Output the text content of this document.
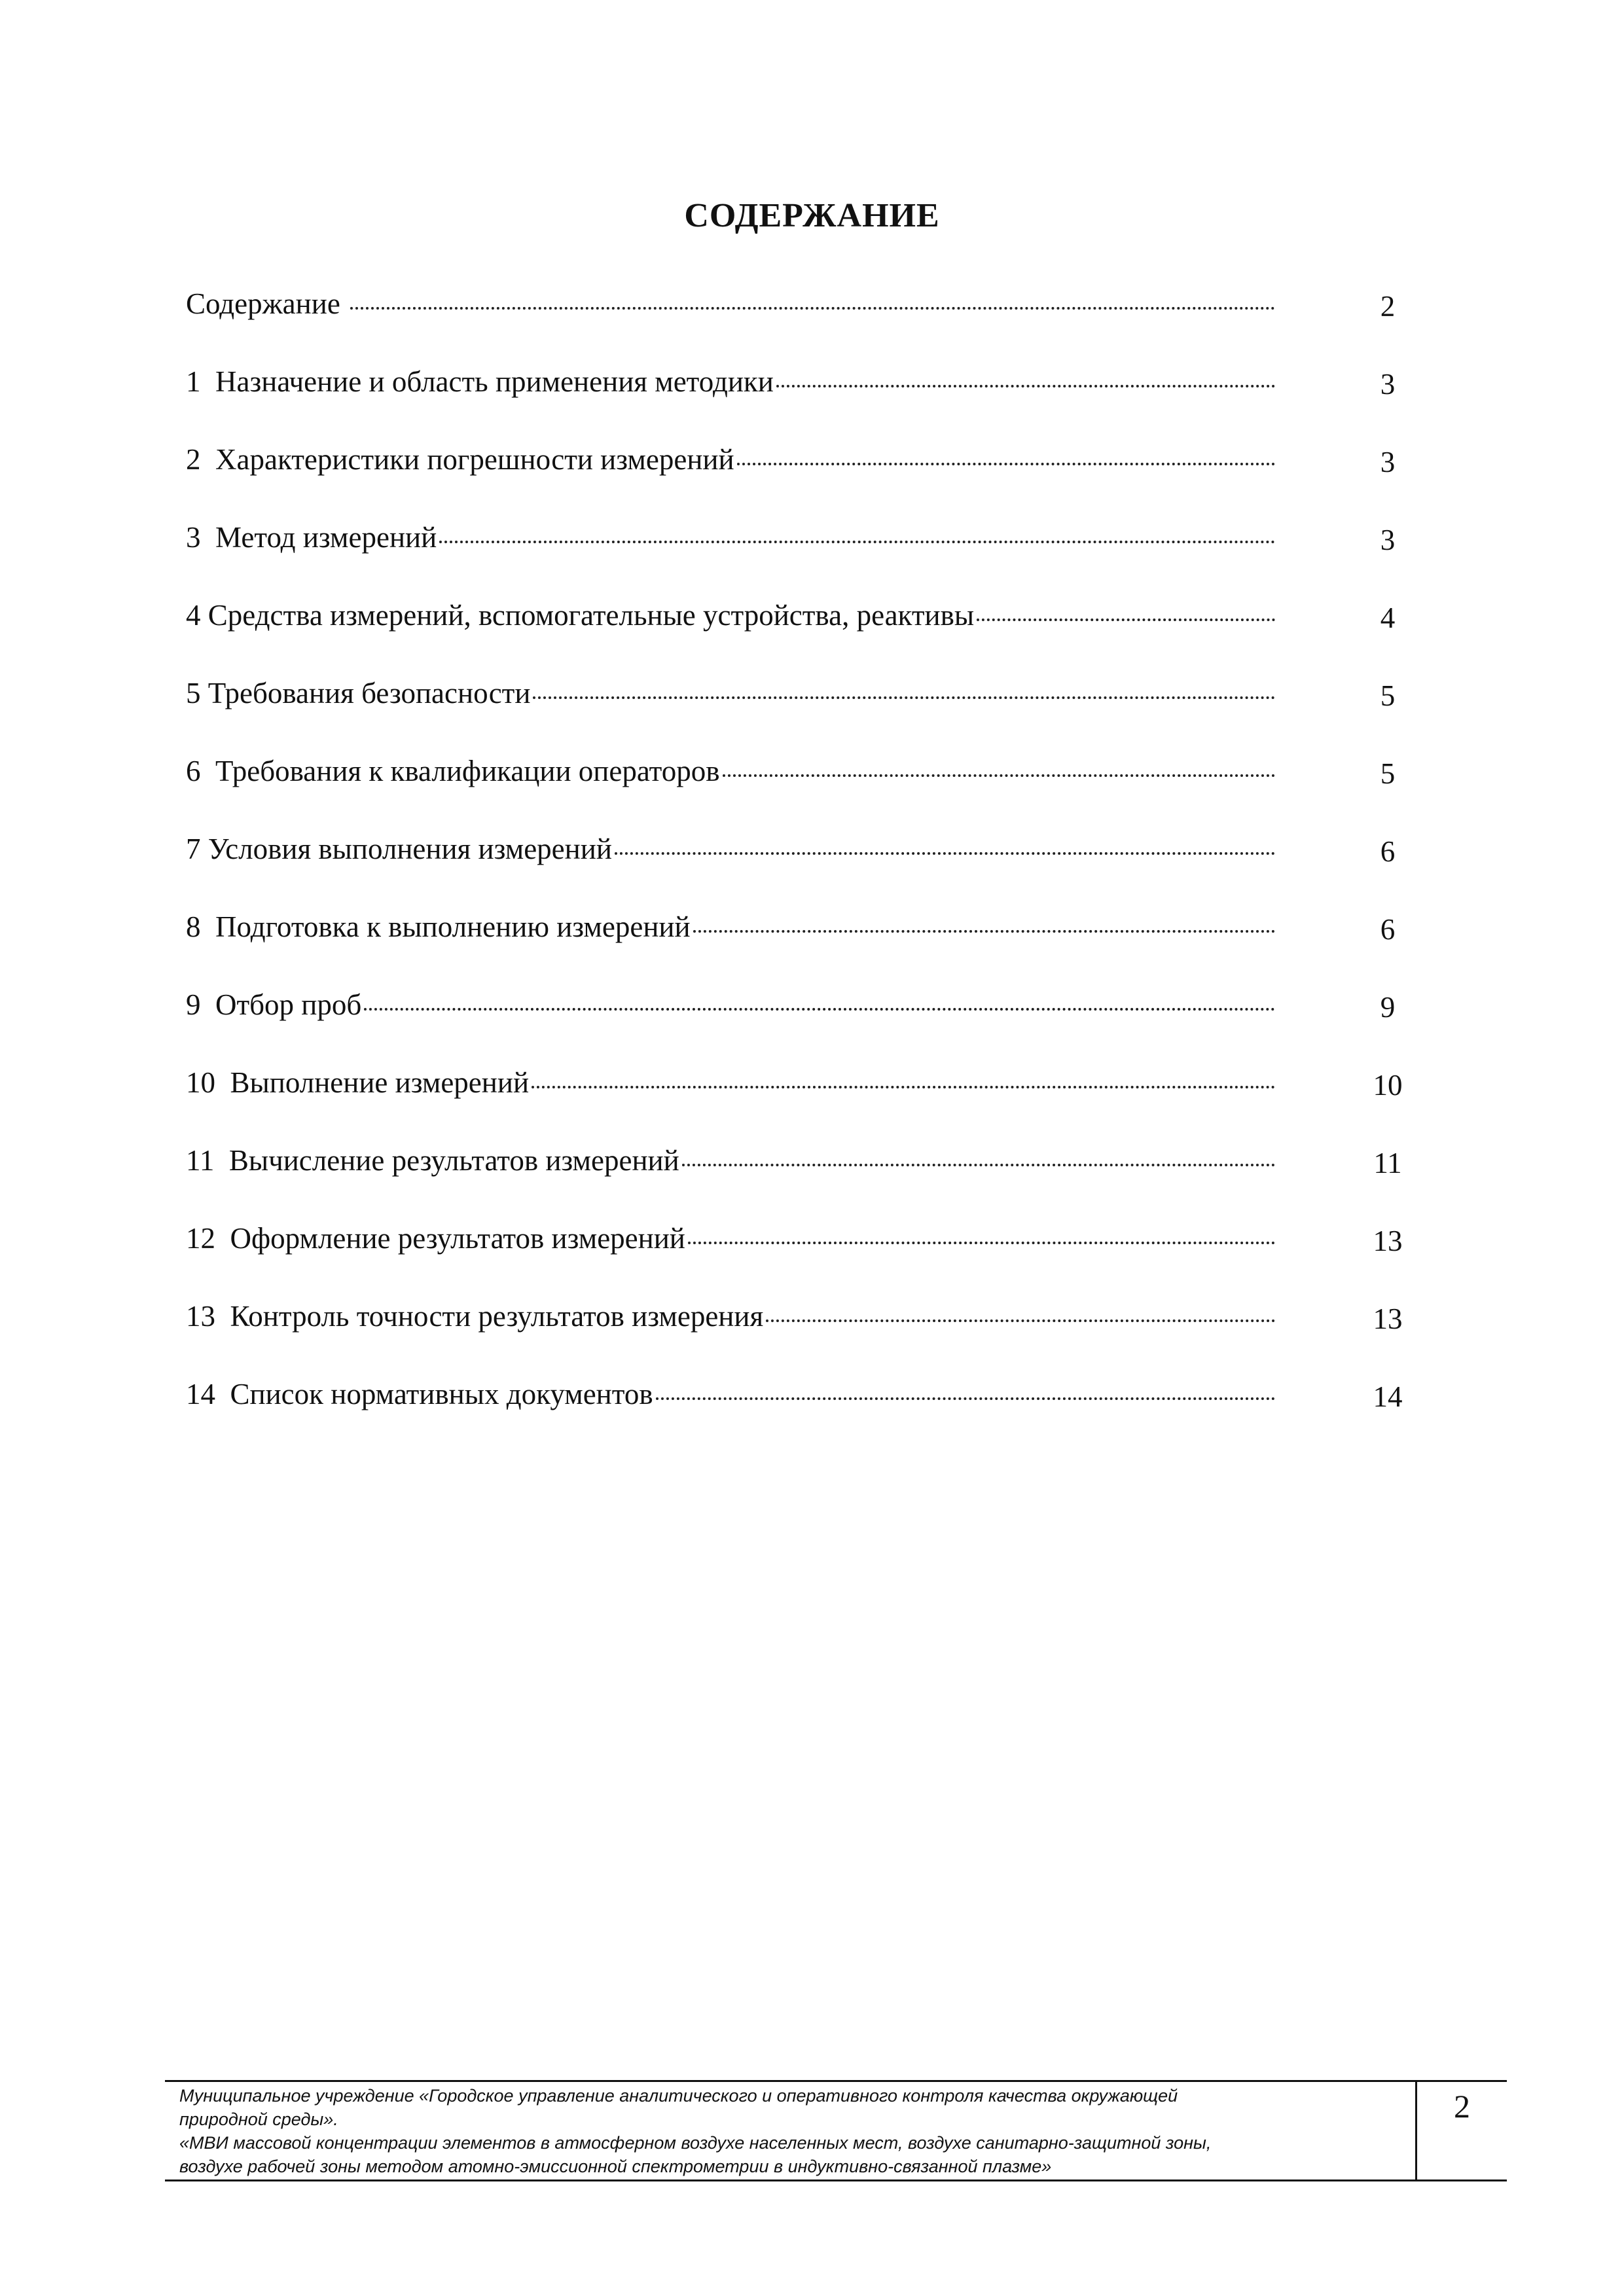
СОДЕРЖАНИЕ
Содержание	2
1  Назначение и область применения методики	3
2  Характеристики погрешности измерений	3
3  Метод измерений	3
4 Средства измерений, вспомогательные устройства, реактивы	4
5 Требования безопасности	5
6  Требования к квалификации операторов	5
7 Условия выполнения измерений	6
8  Подготовка к выполнению измерений	6
9  Отбор проб	9
10  Выполнение измерений	10
11  Вычисление результатов измерений	11
12  Оформление результатов измерений	13
13  Контроль точности результатов измерения	13
14  Список нормативных документов	14
Муниципальное учреждение «Городское управление аналитического и оперативного контроля качества окружающей
природной среды».
«МВИ массовой концентрации элементов в атмосферном воздухе населенных мест, воздухе санитарно-защитной зоны,
воздухе рабочей зоны методом атомно-эмиссионной спектрометрии в индуктивно-связанной плазме»
2
